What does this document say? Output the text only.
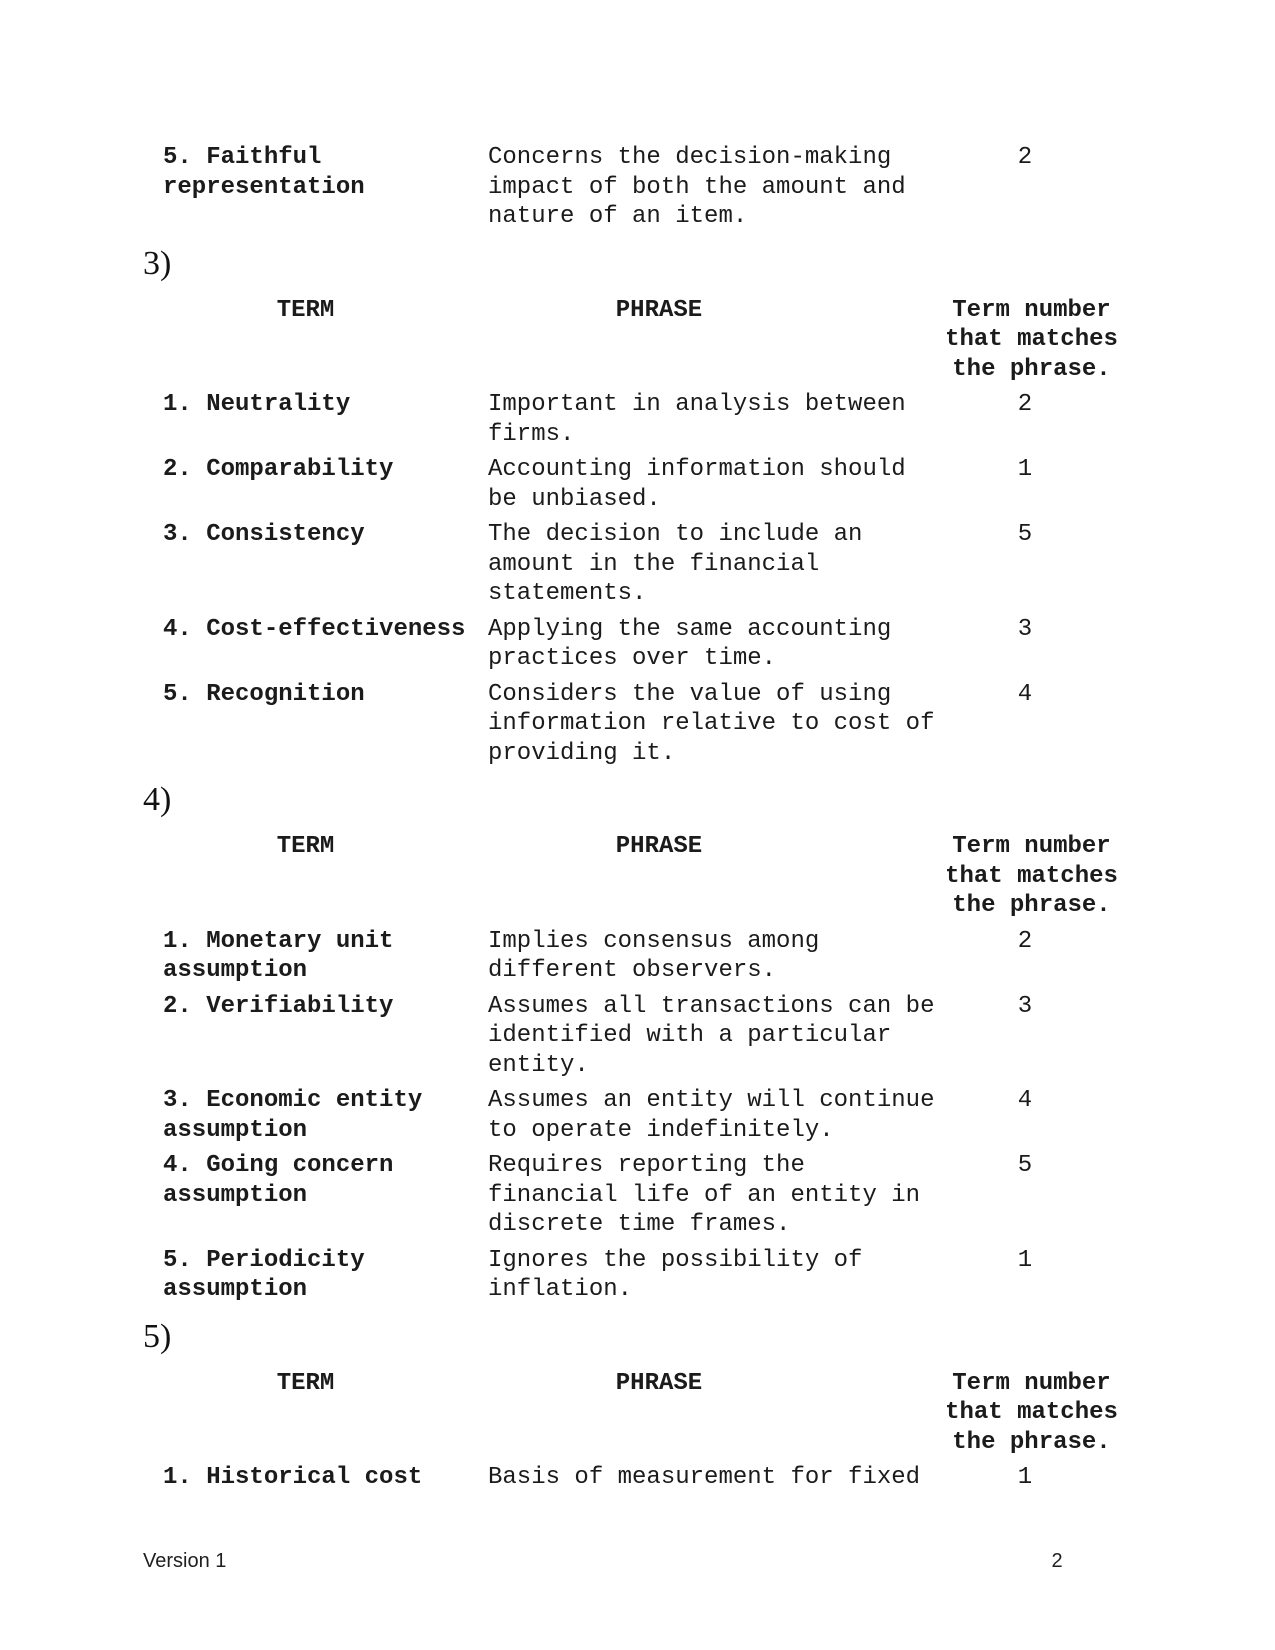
5. Faithful representation	Concerns the decision-making impact of both the amount and nature of an item.	2
3)
TERM	PHRASE	Term number that matches the phrase.
1. Neutrality	Important in analysis between firms.	2
2. Comparability	Accounting information should be unbiased.	1
3. Consistency	The decision to include an amount in the financial statements.	5
4. Cost-effectiveness	Applying the same accounting practices over time.	3
5. Recognition	Considers the value of using information relative to cost of providing it.	4
4)
TERM	PHRASE	Term number that matches the phrase.
1. Monetary unit assumption	Implies consensus among different observers.	2
2. Verifiability	Assumes all transactions can be identified with a particular entity.	3
3. Economic entity assumption	Assumes an entity will continue to operate indefinitely.	4
4. Going concern assumption	Requires reporting the financial life of an entity in discrete time frames.	5
5. Periodicity assumption	Ignores the possibility of inflation.	1
5)
TERM	PHRASE	Term number that matches the phrase.
1. Historical cost	Basis of measurement for fixed	1
Version 1	2
